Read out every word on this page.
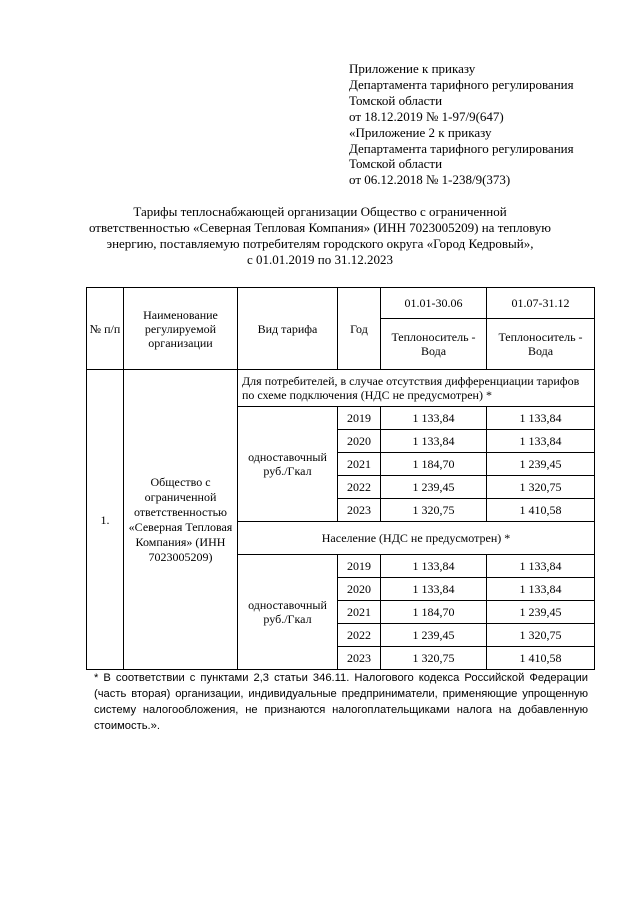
Приложение к приказу
Департамента тарифного регулирования
Томской области
от 18.12.2019 № 1-97/9(647)
«Приложение 2 к приказу
Департамента тарифного регулирования
Томской области
от 06.12.2018 № 1-238/9(373)
Тарифы теплоснабжающей организации Общество с ограниченной
ответственностью «Северная Тепловая Компания» (ИНН 7023005209) на тепловую
энергию, поставляемую потребителям городского округа «Город Кедровый»,
с 01.01.2019 по 31.12.2023
№ п/п	Наименование регулируемой организации	Вид тарифа	Год	01.01-30.06	01.07-31.12
				Теплоноситель - Вода	Теплоноситель - Вода
1.	Общество с ограниченной ответственностью «Северная Тепловая Компания» (ИНН 7023005209)	Для потребителей, в случае отсутствия дифференциации тарифов по схеме подключения (НДС не предусмотрен) *			
		одноставочный руб./Гкал	2019	1 133,84	1 133,84
			2020	1 133,84	1 133,84
			2021	1 184,70	1 239,45
			2022	1 239,45	1 320,75
			2023	1 320,75	1 410,58
		Население (НДС не предусмотрен) *			
		одноставочный руб./Гкал	2019	1 133,84	1 133,84
			2020	1 133,84	1 133,84
			2021	1 184,70	1 239,45
			2022	1 239,45	1 320,75
			2023	1 320,75	1 410,58
* В соответствии с пунктами 2,3 статьи 346.11. Налогового кодекса Российской Федерации (часть вторая) организации, индивидуальные предприниматели, применяющие упрощенную систему налогообложения, не признаются налогоплательщиками налога на добавленную стоимость.».
